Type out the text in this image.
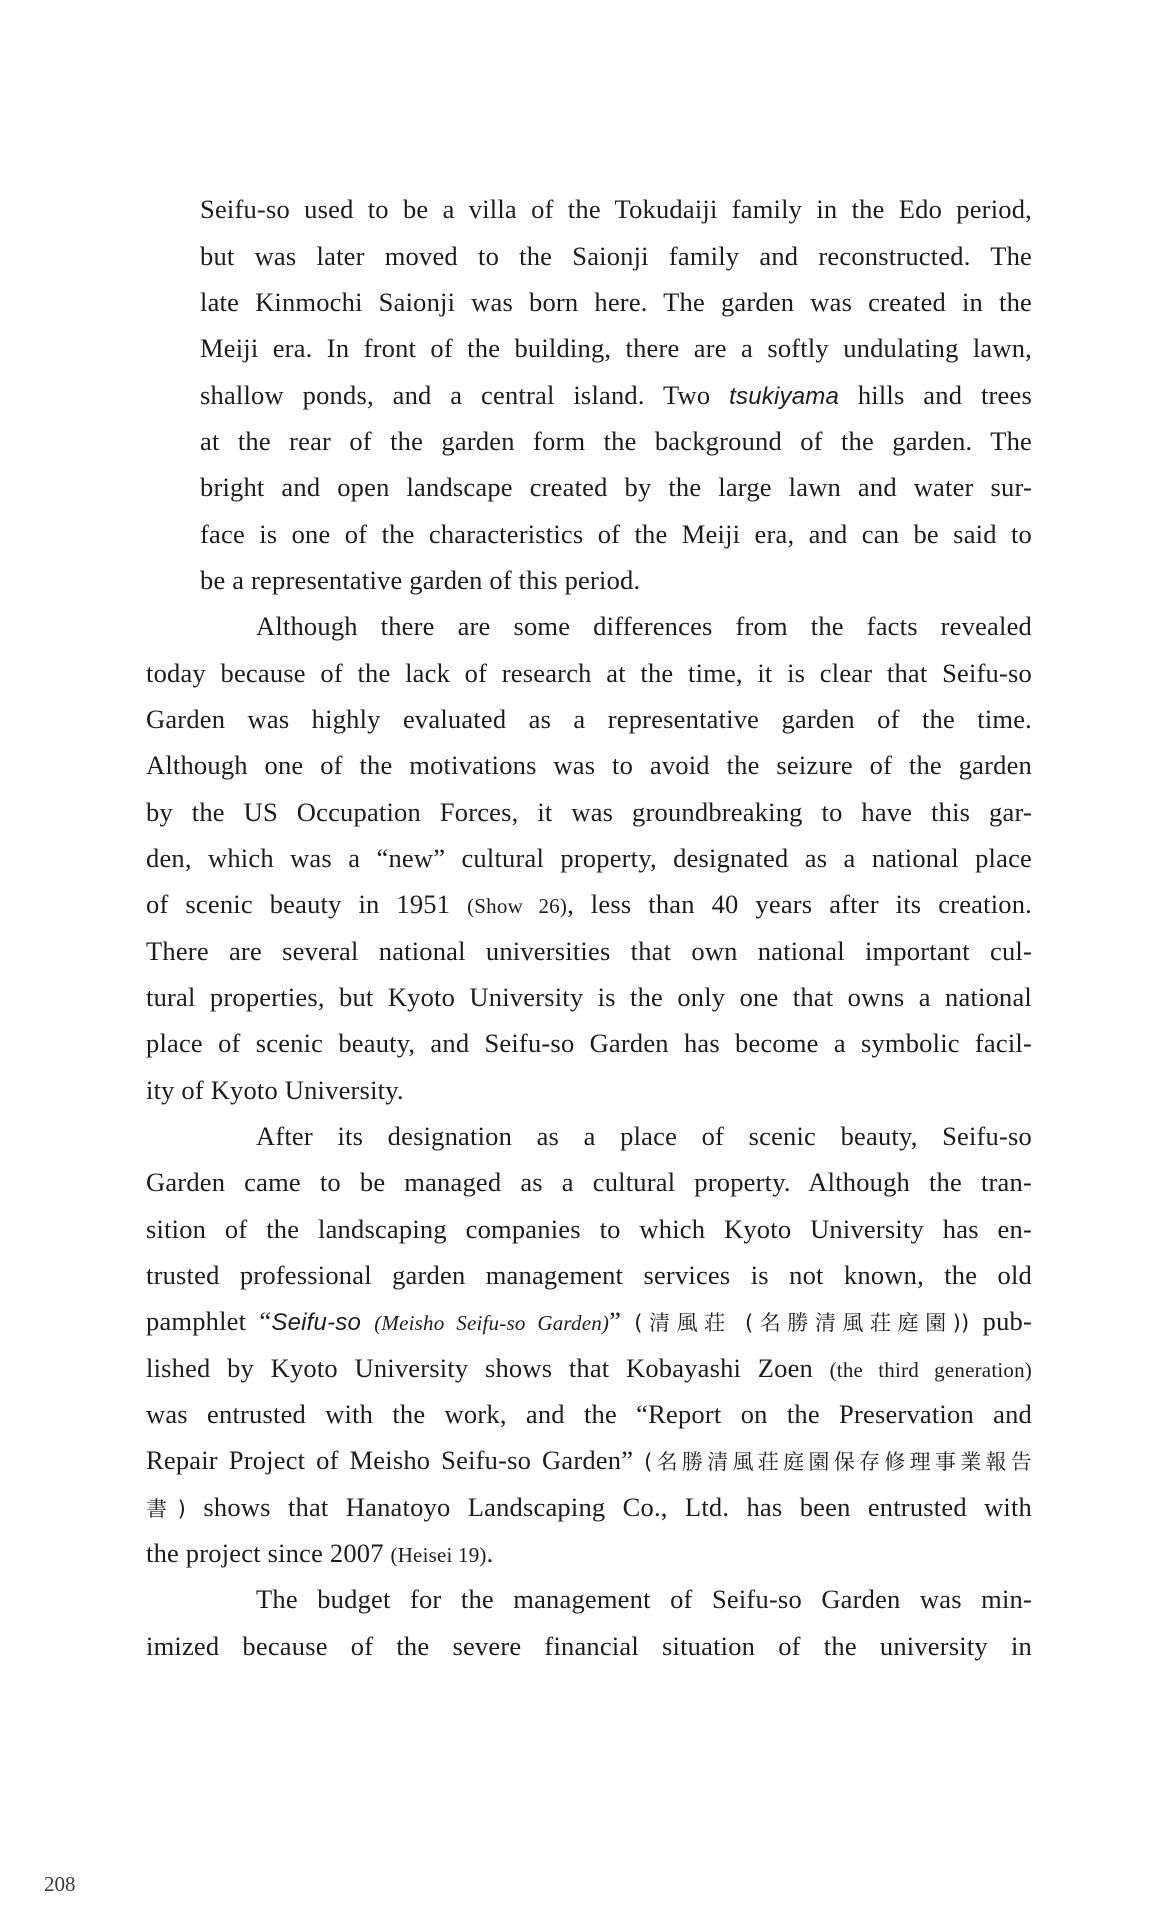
Seifu-so used to be a villa of the Tokudaiji family in the Edo period,
but was later moved to the Saionji family and reconstructed. The
late Kinmochi Saionji was born here. The garden was created in the
Meiji era. In front of the building, there are a softly undulating lawn,
shallow ponds, and a central island. Two tsukiyama hills and trees
at the rear of the garden form the background of the garden. The
bright and open landscape created by the large lawn and water sur-
face is one of the characteristics of the Meiji era, and can be said to
be a representative garden of this period.
Although there are some differences from the facts revealed
today because of the lack of research at the time, it is clear that Seifu-so
Garden was highly evaluated as a representative garden of the time.
Although one of the motivations was to avoid the seizure of the garden
by the US Occupation Forces, it was groundbreaking to have this gar-
den, which was a “new” cultural property, designated as a national place
of scenic beauty in 1951 (Show 26), less than 40 years after its creation.
There are several national universities that own national important cul-
tural properties, but Kyoto University is the only one that owns a national
place of scenic beauty, and Seifu-so Garden has become a symbolic facil-
ity of Kyoto University.
After its designation as a place of scenic beauty, Seifu-so
Garden came to be managed as a cultural property. Although the tran-
sition of the landscaping companies to which Kyoto University has en-
trusted professional garden management services is not known, the old
pamphlet “Seifu-so (Meisho Seifu-so Garden)” (清風荘 (名勝清風荘庭園)) pub-
lished by Kyoto University shows that Kobayashi Zoen (the third generation)
was entrusted with the work, and the “Report on the Preservation and
Repair Project of Meisho Seifu-so Garden” (名勝清風荘庭園保存修理事業報告
書) shows that Hanatoyo Landscaping Co., Ltd. has been entrusted with
the project since 2007 (Heisei 19).
The budget for the management of Seifu-so Garden was min-
imized because of the severe financial situation of the university in
208
